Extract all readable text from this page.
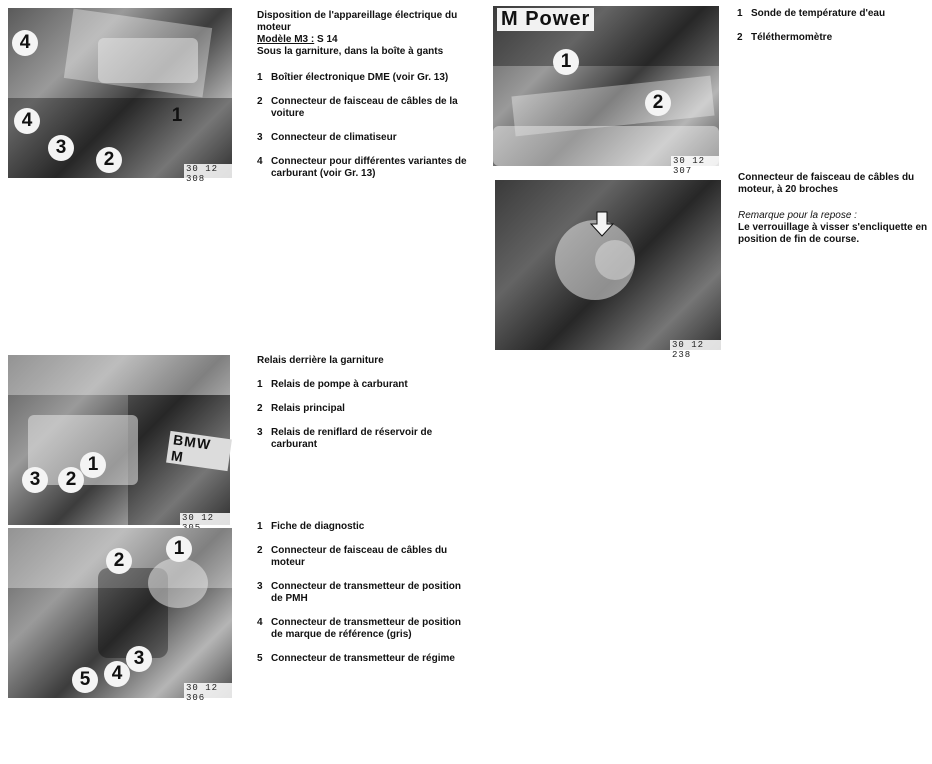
4
4
3
2
1
30 12 308
Disposition de l'appareillage électrique du moteur
Modèle M3 : S 14
Sous la garniture, dans la boîte à gants
1 Boîtier électronique DME (voir Gr. 13)
2 Connecteur de faisceau de câbles de la voiture
3 Connecteur de climatiseur
4 Connecteur pour différentes variantes de carburant (voir Gr. 13)
M Power
1
2
30 12 307
1 Sonde de température d'eau
2 Téléthermomètre
30 12 238
Connecteur de faisceau de câbles du moteur, à 20 broches
Remarque pour la repose :
Le verrouillage à visser s'encliquette en position de fin de course.
BMW M
3	2
1
30 12
Relais derrière la garniture
1 Relais de pompe à carburant
2 Relais principal
3 Relais de reniflard de réservoir de carburant
2
1
3
5	4
30 12 306
1 Fiche de diagnostic
2 Connecteur de faisceau de câbles du moteur
3 Connecteur de transmetteur de position de PMH
4 Connecteur de transmetteur de position de marque de référence (gris)
5 Connecteur de transmetteur de régime
